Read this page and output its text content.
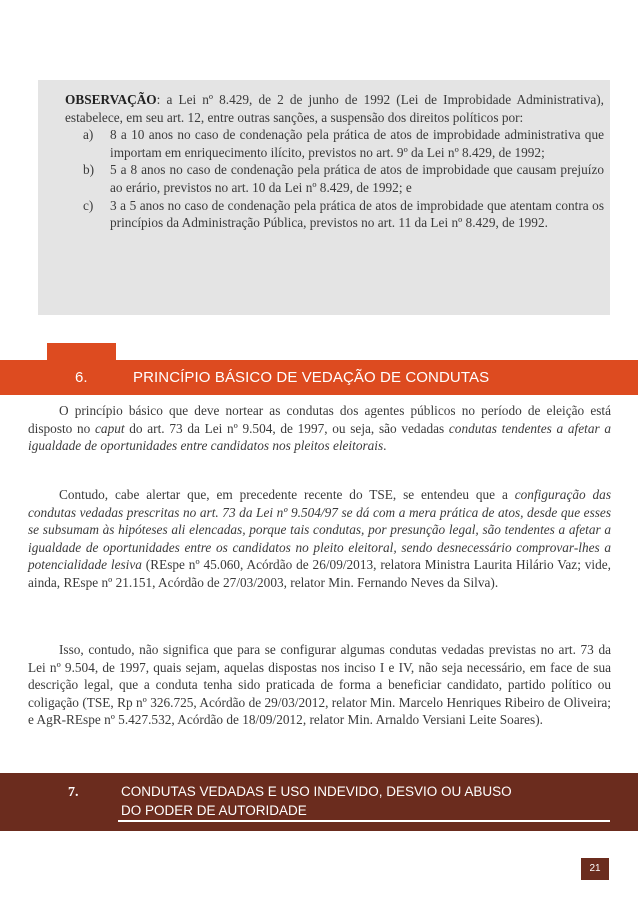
OBSERVAÇÃO: a Lei nº 8.429, de 2 de junho de 1992 (Lei de Improbidade Administrativa), estabelece, em seu art. 12, entre outras sanções, a suspensão dos direitos políticos por:

a) 8 a 10 anos no caso de condenação pela prática de atos de improbidade administrativa que importam em enriquecimento ilícito, previstos no art. 9º da Lei nº 8.429, de 1992;
b) 5 a 8 anos no caso de condenação pela prática de atos de improbidade que causam prejuízo ao erário, previstos no art. 10 da Lei nº 8.429, de 1992; e
c) 3 a 5 anos no caso de condenação pela prática de atos de improbidade que atentam contra os princípios da Administração Pública, previstos no art. 11 da Lei nº 8.429, de 1992.
6.	PRINCÍPIO BÁSICO DE VEDAÇÃO DE CONDUTAS

O princípio básico que deve nortear as condutas dos agentes públicos no período de eleição está disposto no caput do art. 73 da Lei nº 9.504, de 1997, ou seja, são vedadas condutas tendentes a afetar a igualdade de oportunidades entre candidatos nos pleitos eleitorais.

Contudo, cabe alertar que, em precedente recente do TSE, se entendeu que a configuração das condutas vedadas prescritas no art. 73 da Lei nº 9.504/97 se dá com a mera prática de atos, desde que esses se subsumam às hipóteses ali elencadas, porque tais condutas, por presunção legal, são tendentes a afetar a igualdade de oportunidades entre os candidatos no pleito eleitoral, sendo desnecessário comprovar-lhes a potencialidade lesiva (REspe nº 45.060, Acórdão de 26/09/2013, relatora Ministra Laurita Hilário Vaz; vide, ainda, REspe nº 21.151, Acórdão de 27/03/2003, relator Min. Fernando Neves da Silva).

Isso, contudo, não significa que para se configurar algumas condutas vedadas previstas no art. 73 da Lei nº 9.504, de 1997, quais sejam, aquelas dispostas nos inciso I e IV, não seja necessário, em face de sua descrição legal, que a conduta tenha sido praticada de forma a beneficiar candidato, partido político ou coligação (TSE, Rp nº 326.725, Acórdão de 29/03/2012, relator Min. Marcelo Henriques Ribeiro de Oliveira; e AgR-REspe nº 5.427.532, Acórdão de 18/09/2012, relator Min. Arnaldo Versiani Leite Soares).

7.	CONDUTAS VEDADAS E USO INDEVIDO, DESVIO OU ABUSO
DO PODER DE AUTORIDADE
21
